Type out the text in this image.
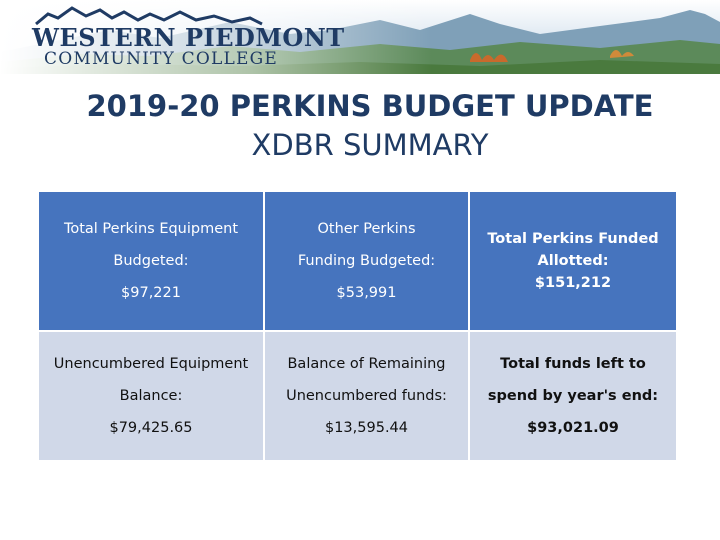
WESTERN PIEDMONT
COMMUNITY COLLEGE
2019-20 PERKINS BUDGET UPDATE
XDBR SUMMARY
Total Perkins Equipment
Budgeted:
$97,221	Other Perkins
Funding Budgeted:
$53,991	Total Perkins Funded
Allotted:
$151,212

Unencumbered Equipment
Balance:
$79,425.65	Balance of Remaining
Unencumbered funds:
$13,595.44	Total funds left to
spend by year's end:
$93,021.09
